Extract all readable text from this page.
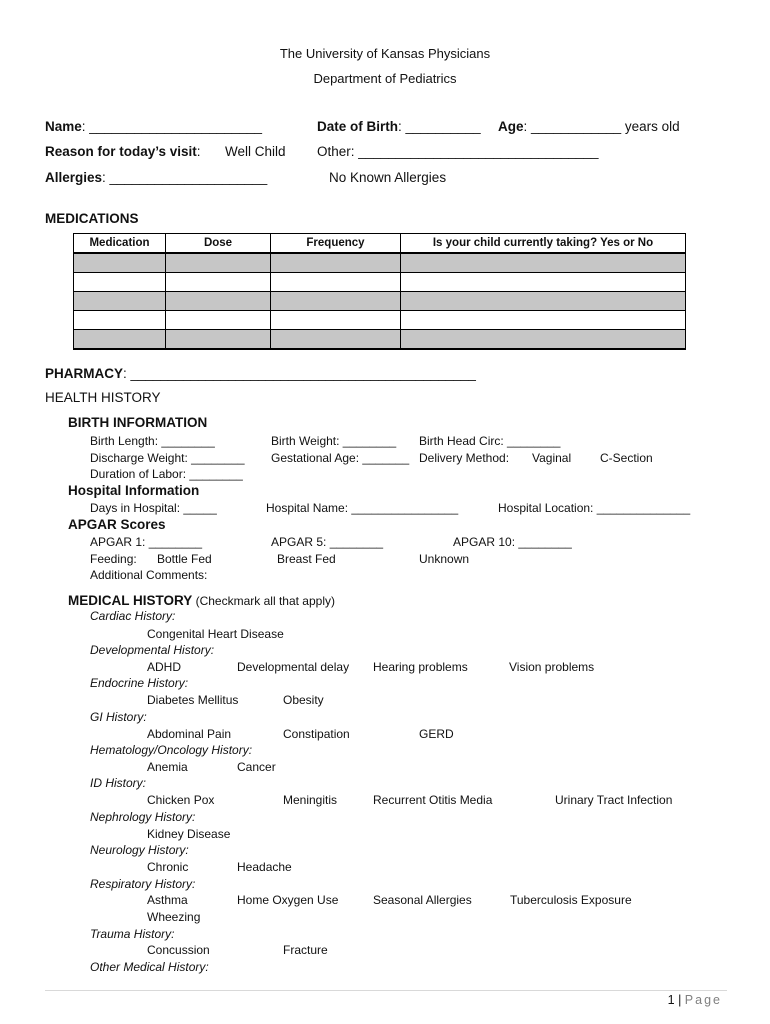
The University of Kansas Physicians
Department of Pediatrics
Name: _______________________	Date of Birth: __________ Age: ____________ years old
Reason for today’s visit: Well Child Other: ________________________________
Allergies: _____________________	No Known Allergies
MEDICATIONS
Medication	Dose	Frequency	Is your child currently taking? Yes or No

PHARMACY: ______________________________________________
HEALTH HISTORY
BIRTH INFORMATION
Birth Length: ________	Birth Weight: ________ Birth Head Circ: ________
Discharge Weight: ________ Gestational Age: _______ Delivery Method: Vaginal C-Section
Duration of Labor: ________
Hospital Information
Days in Hospital: _____	Hospital Name: ________________	Hospital Location: ______________
APGAR Scores
APGAR 1: ________	APGAR 5: ________	APGAR 10: ________
Feeding: Bottle Fed	Breast Fed	Unknown
Additional Comments:
MEDICAL HISTORY (Checkmark all that apply)
Cardiac History:
Congenital Heart Disease
Developmental History:
ADHD	Developmental delay Hearing problems	Vision problems
Endocrine History:
Diabetes Mellitus	Obesity
GI History:
Abdominal Pain	Constipation	GERD
Hematology/Oncology History:
Anemia	Cancer
ID History:
Chicken Pox	Meningitis	Recurrent Otitis Media	Urinary Tract Infection
Nephrology History:
Kidney Disease
Neurology History:
Chronic	Headache
Respiratory History:
Asthma	Home Oxygen Use	Seasonal Allergies	Tuberculosis Exposure
Wheezing
Trauma History:
Concussion	Fracture
Other Medical History:
1 | Page
